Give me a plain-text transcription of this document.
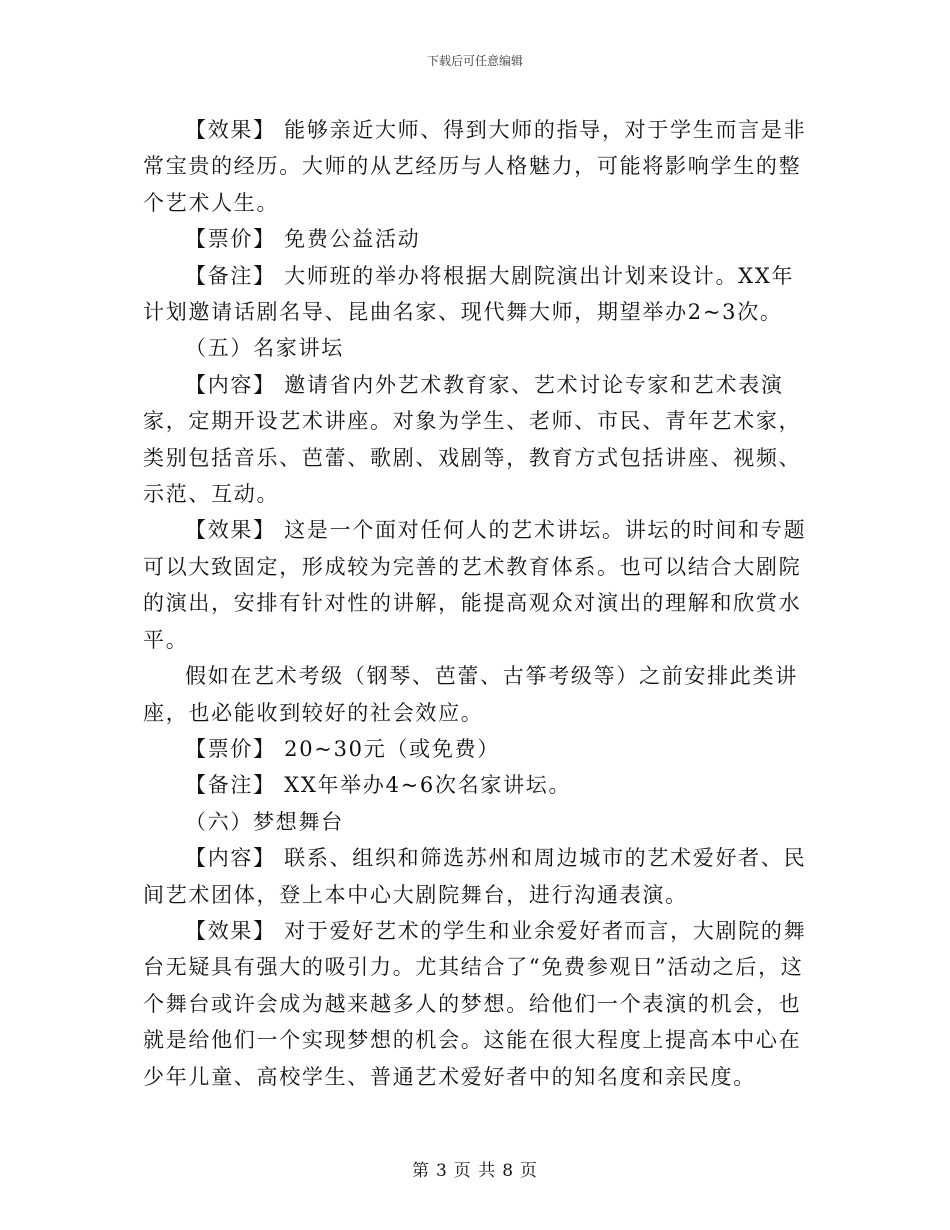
下载后可任意编辑

【效果】 能够亲近大师、得到大师的指导，对于学生而言是非常宝贵的经历。大师的从艺经历与人格魅力，可能将影响学生的整个艺术人生。

【票价】 免费公益活动

【备注】 大师班的举办将根据大剧院演出计划来设计。XX年计划邀请话剧名导、昆曲名家、现代舞大师，期望举办2~3次。

（五）名家讲坛

【内容】 邀请省内外艺术教育家、艺术讨论专家和艺术表演家，定期开设艺术讲座。对象为学生、老师、市民、青年艺术家，类别包括音乐、芭蕾、歌剧、戏剧等，教育方式包括讲座、视频、示范、互动。

【效果】 这是一个面对任何人的艺术讲坛。讲坛的时间和专题可以大致固定，形成较为完善的艺术教育体系。也可以结合大剧院的演出，安排有针对性的讲解，能提高观众对演出的理解和欣赏水平。

假如在艺术考级（钢琴、芭蕾、古筝考级等）之前安排此类讲座，也必能收到较好的社会效应。

【票价】 20~30元（或免费）

【备注】 XX年举办4~6次名家讲坛。

（六）梦想舞台

【内容】 联系、组织和筛选苏州和周边城市的艺术爱好者、民间艺术团体，登上本中心大剧院舞台，进行沟通表演。

【效果】 对于爱好艺术的学生和业余爱好者而言，大剧院的舞台无疑具有强大的吸引力。尤其结合了“免费参观日”活动之后，这个舞台或许会成为越来越多人的梦想。给他们一个表演的机会，也就是给他们一个实现梦想的机会。这能在很大程度上提高本中心在少年儿童、高校学生、普通艺术爱好者中的知名度和亲民度。

第 3 页 共 8 页
